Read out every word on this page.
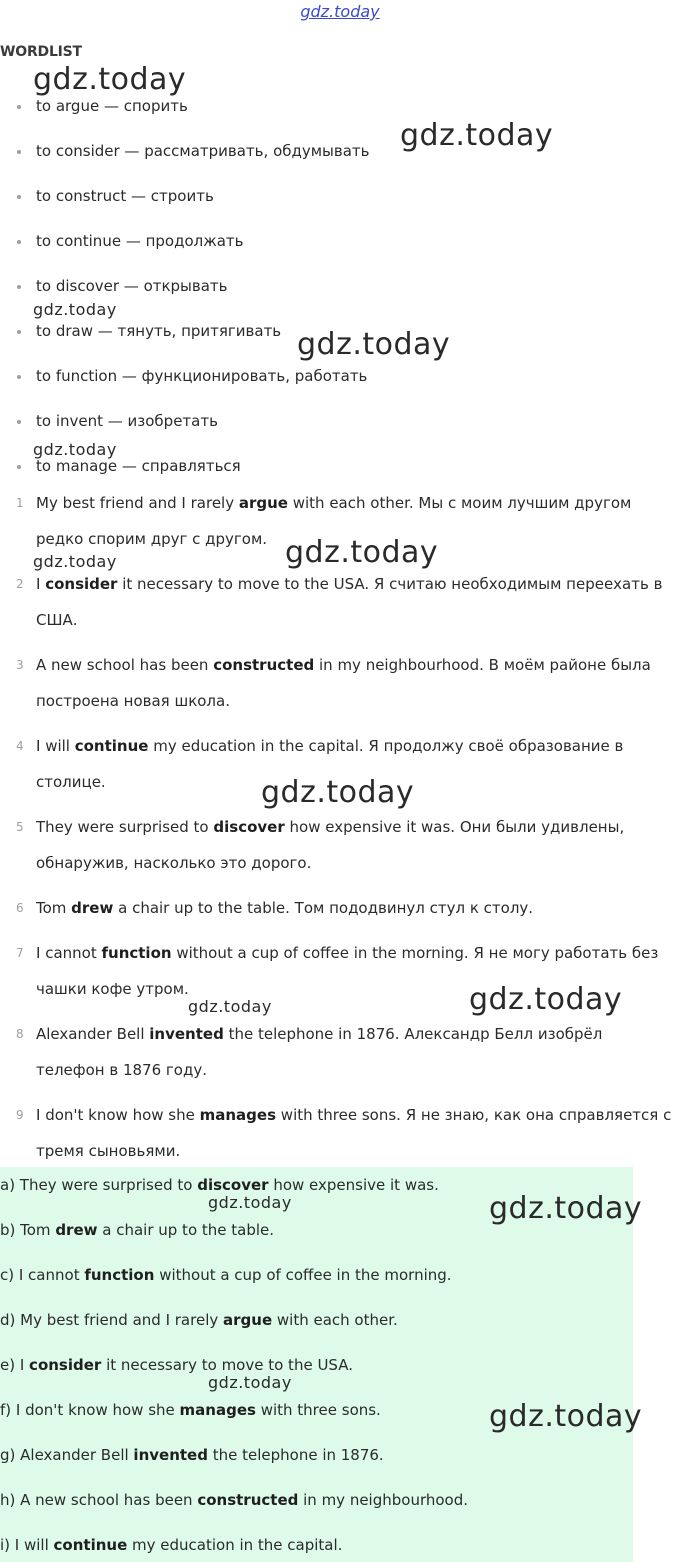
gdz.today
WORDLIST
to argue — спорить
to consider — рассматривать, обдумывать
to construct — строить
to continue — продолжать
to discover — открывать
to draw — тянуть, притягивать
to function — функционировать, работать
to invent — изобретать
to manage — справляться
1 My best friend and I rarely argue with each other. Мы с моим лучшим другом редко спорим друг с другом.
2 I consider it necessary to move to the USA. Я считаю необходимым переехать в США.
3 A new school has been constructed in my neighbourhood. В моём районе была построена новая школа.
4 I will continue my education in the capital. Я продолжу своё образование в столице.
5 They were surprised to discover how expensive it was. Они были удивлены, обнаружив, насколько это дорого.
6 Tom drew a chair up to the table. Том пододвинул стул к столу.
7 I cannot function without a cup of coffee in the morning. Я не могу работать без чашки кофе утром.
8 Alexander Bell invented the telephone in 1876. Александр Белл изобрёл телефон в 1876 году.
9 I don't know how she manages with three sons. Я не знаю, как она справляется с тремя сыновьями.
a) They were surprised to discover how expensive it was.
b) Tom drew a chair up to the table.
c) I cannot function without a cup of coffee in the morning.
d) My best friend and I rarely argue with each other.
e) I consider it necessary to move to the USA.
f) I don't know how she manages with three sons.
g) Alexander Bell invented the telephone in 1876.
h) A new school has been constructed in my neighbourhood.
i) I will continue my education in the capital.
gdz.today
gdz.today
gdz.today
gdz.today
gdz.today
gdz.today	gdz.today
gdz.today
gdz.today	gdz.today
gdz.today	gdz.today
gdz.today
gdz.today
